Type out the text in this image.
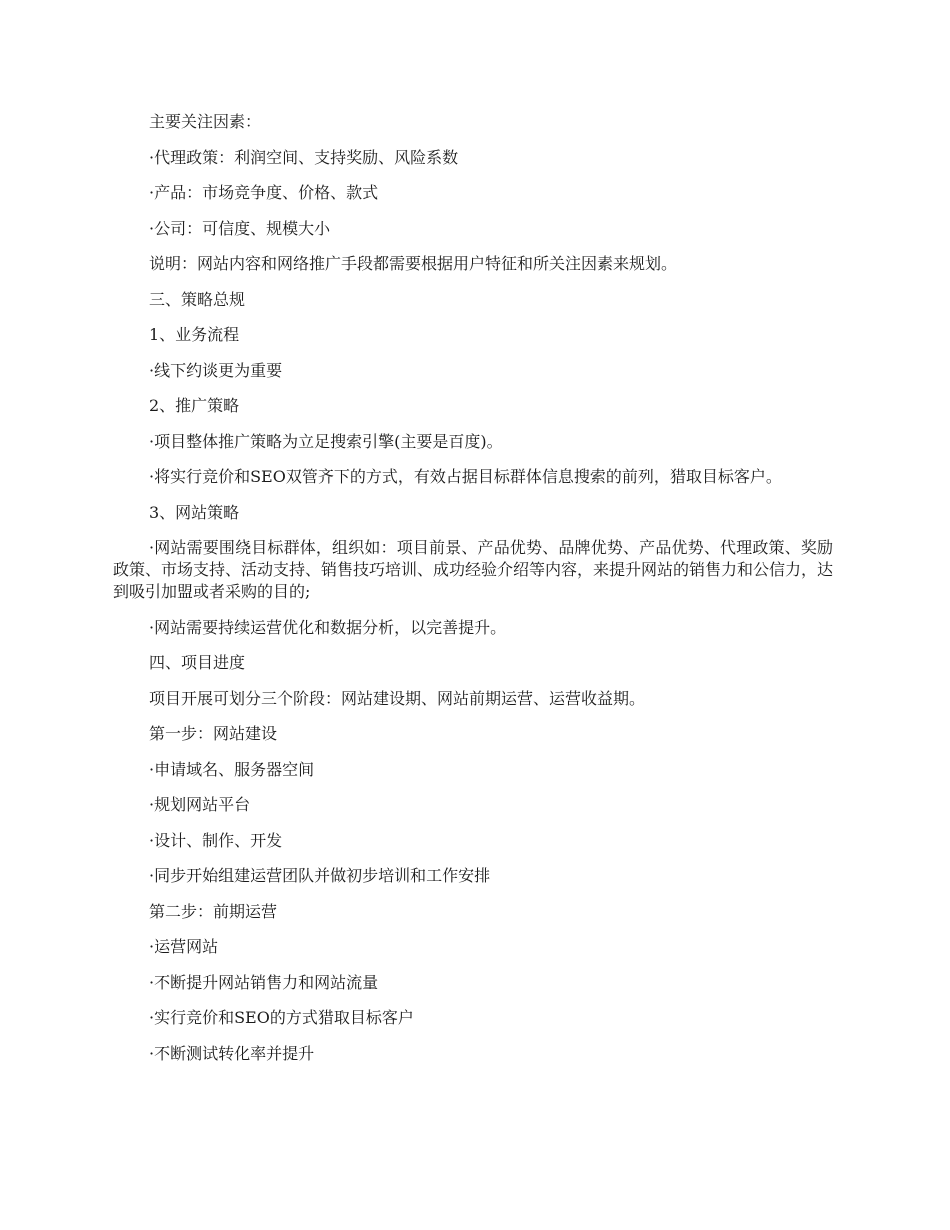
主要关注因素：

·代理政策：利润空间、支持奖励、风险系数

·产品：市场竞争度、价格、款式

·公司：可信度、规模大小

说明：网站内容和网络推广手段都需要根据用户特征和所关注因素来规划。

三、策略总规

1、业务流程

·线下约谈更为重要

2、推广策略

·项目整体推广策略为立足搜索引擎(主要是百度)。

·将实行竞价和SEO双管齐下的方式，有效占据目标群体信息搜索的前列，猎取目标客户。

3、网站策略

·网站需要围绕目标群体，组织如：项目前景、产品优势、品牌优势、产品优势、代理政策、奖励政策、市场支持、活动支持、销售技巧培训、成功经验介绍等内容，来提升网站的销售力和公信力，达到吸引加盟或者采购的目的;

·网站需要持续运营优化和数据分析，以完善提升。

四、项目进度

项目开展可划分三个阶段：网站建设期、网站前期运营、运营收益期。

第一步：网站建设

·申请域名、服务器空间

·规划网站平台

·设计、制作、开发

·同步开始组建运营团队并做初步培训和工作安排

第二步：前期运营

·运营网站

·不断提升网站销售力和网站流量

·实行竞价和SEO的方式猎取目标客户

·不断测试转化率并提升
